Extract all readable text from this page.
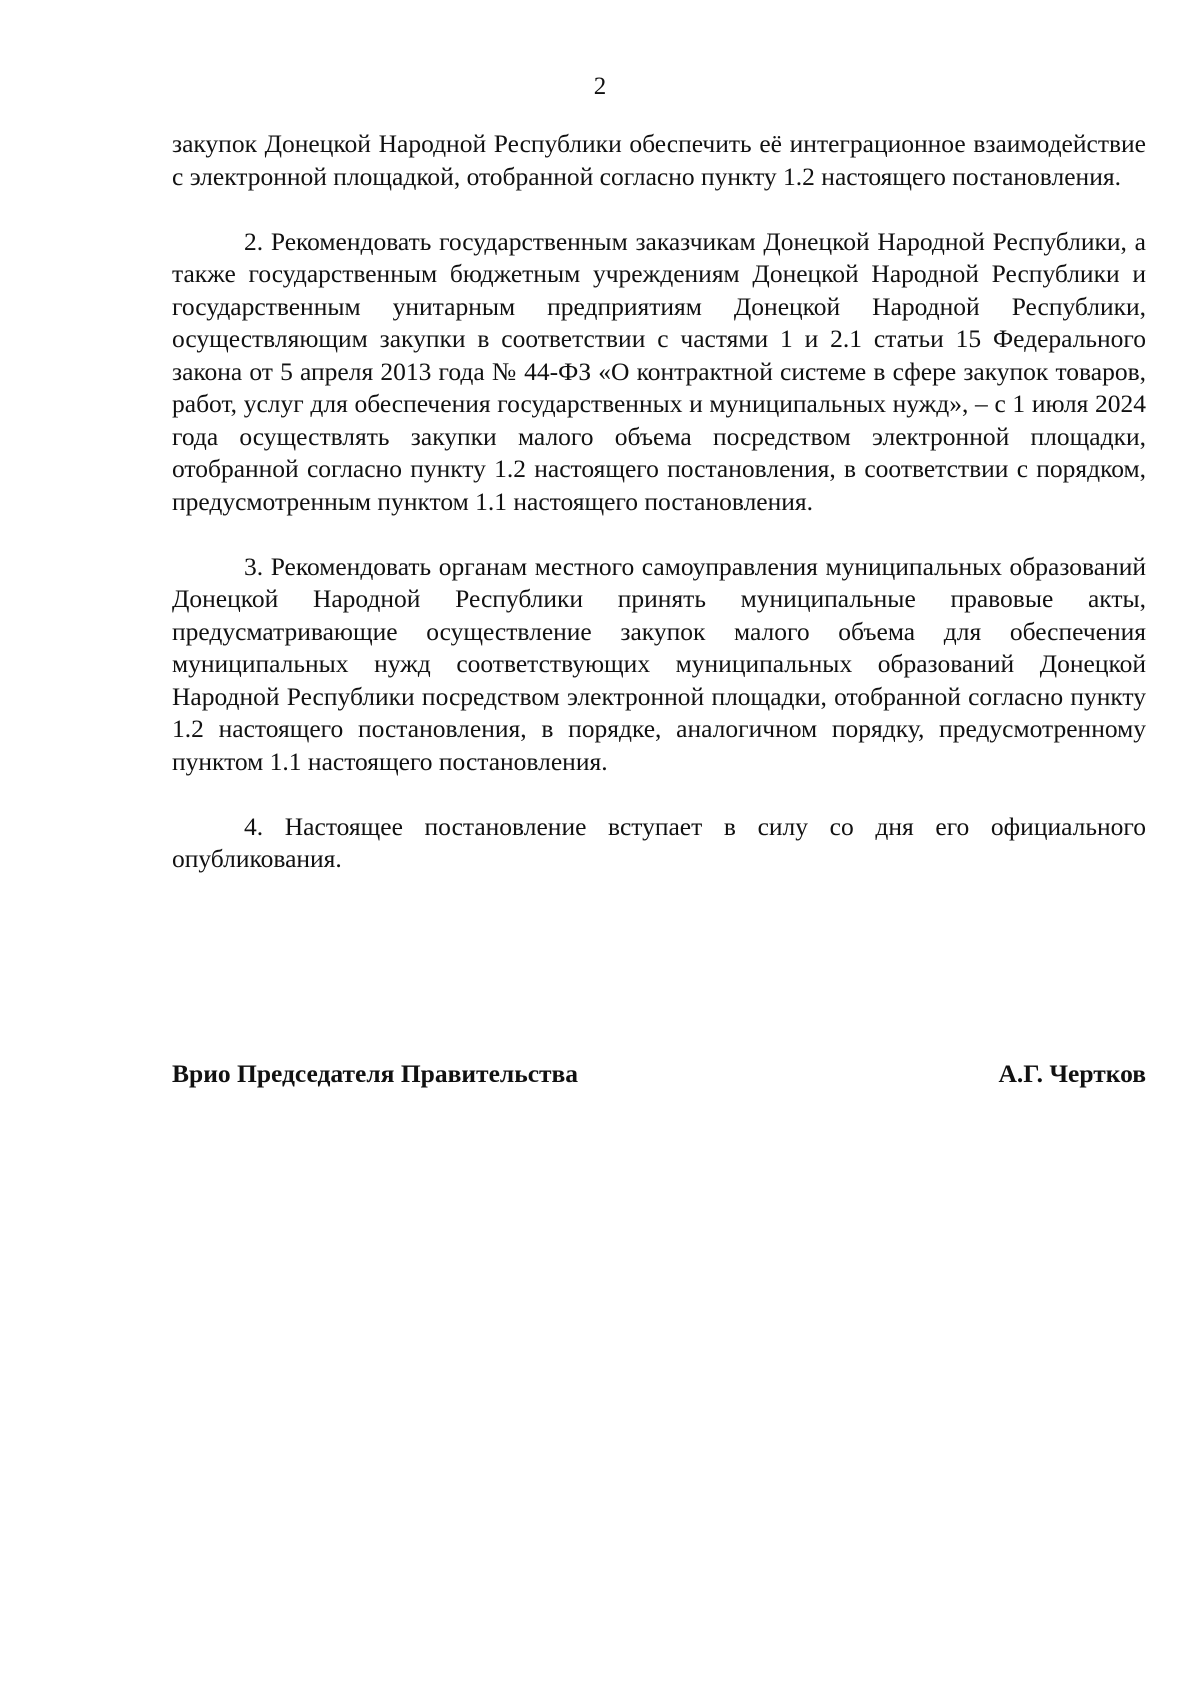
2

закупок Донецкой Народной Республики обеспечить её интеграционное взаимодействие с электронной площадкой, отобранной согласно пункту 1.2 настоящего постановления.

2. Рекомендовать государственным заказчикам Донецкой Народной Республики, а также государственным бюджетным учреждениям Донецкой Народной Республики и государственным унитарным предприятиям Донецкой Народной Республики, осуществляющим закупки в соответствии с частями 1 и 2.1 статьи 15 Федерального закона от 5 апреля 2013 года № 44-ФЗ «О контрактной системе в сфере закупок товаров, работ, услуг для обеспечения государственных и муниципальных нужд», – с 1 июля 2024 года осуществлять закупки малого объема посредством электронной площадки, отобранной согласно пункту 1.2 настоящего постановления, в соответствии с порядком, предусмотренным пунктом 1.1 настоящего постановления.

3. Рекомендовать органам местного самоуправления муниципальных образований Донецкой Народной Республики принять муниципальные правовые акты, предусматривающие осуществление закупок малого объема для обеспечения муниципальных нужд соответствующих муниципальных образований Донецкой Народной Республики посредством электронной площадки, отобранной согласно пункту 1.2 настоящего постановления, в порядке, аналогичном порядку, предусмотренному пунктом 1.1 настоящего постановления.

4. Настоящее постановление вступает в силу со дня его официального опубликования.

Врио Председателя Правительства	А.Г. Чертков
